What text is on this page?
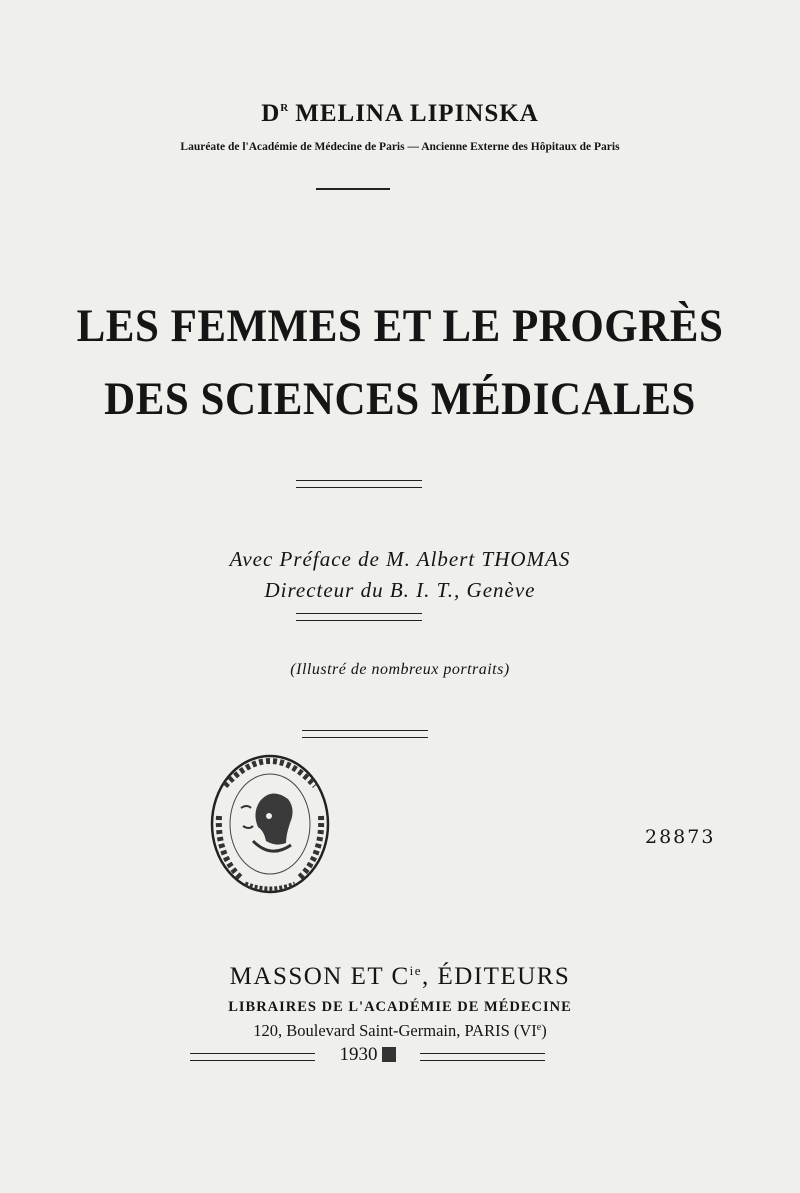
$D^R$ MELINA LIPINSKA
Lauréate de l'Académie de Médecine de Paris — Ancienne Externe des Hôpitaux de Paris
LES FEMMES ET LE PROGRÈS
DES SCIENCES MÉDICALES
Avec Préface de M. Albert THOMAS
Directeur du B. I. T., Genève
(Illustré de nombreux portraits)
28873
MASSON ET $C^{ie}$, ÉDITEURS
LIBRAIRES DE L'ACADÉMIE DE MÉDECINE
120, Boulevard Saint-Germain, PARIS (VIe)
1930
